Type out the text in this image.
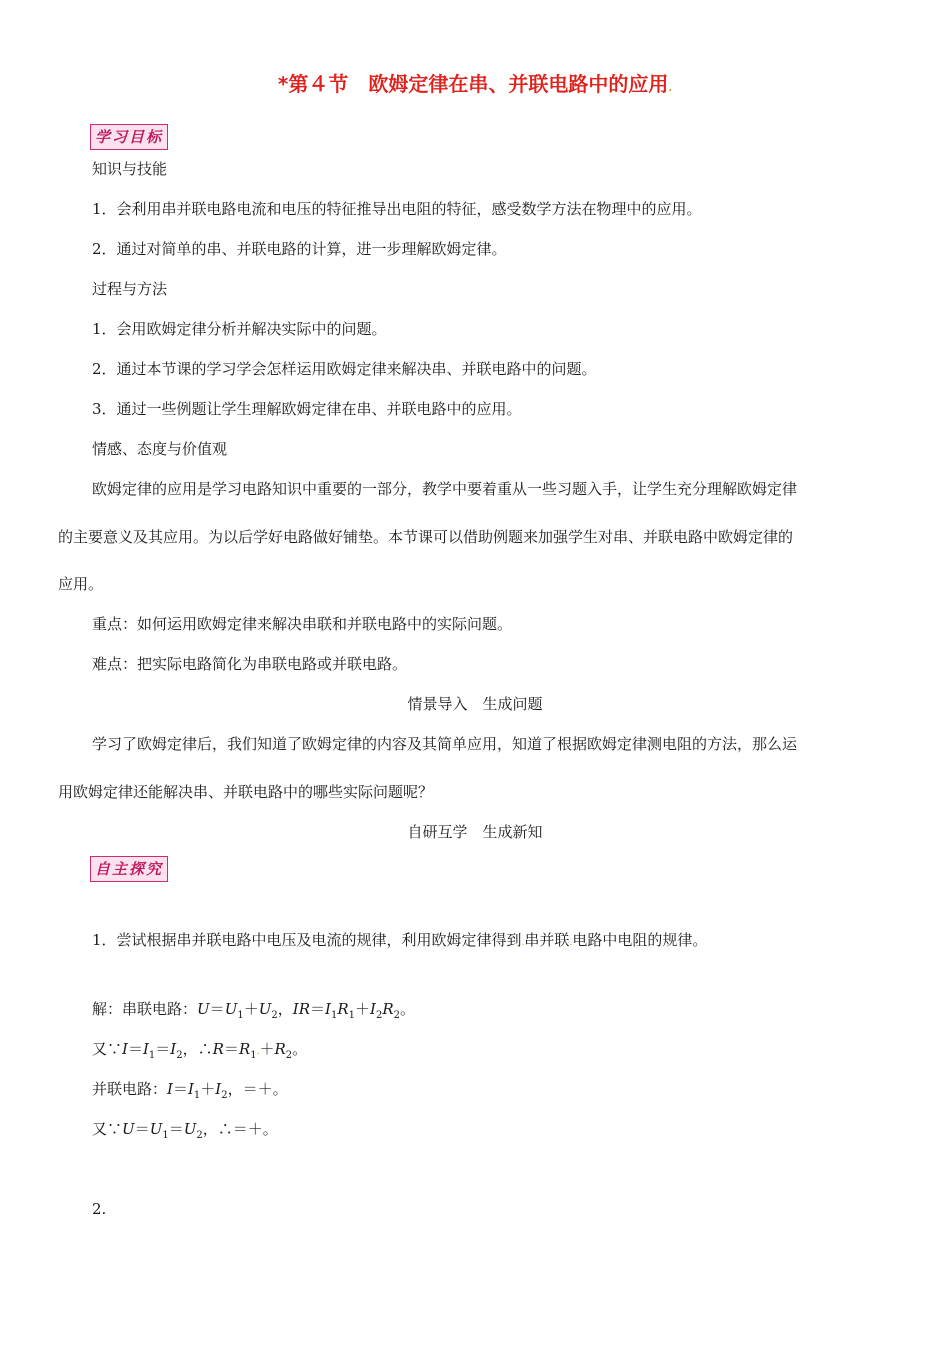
*第４节　欧姆定律在串、并联电路中的应用.
学习目标
知识与技能
1．会利用串并联电路电流和电压的特征推导出电阻的特征，感受数学方法在物理中的应用。
2．通过对简单的串、并联电路的计算，进一步理解欧姆定律。
过程与方法
1．会用欧姆定律分析并解决实际中的问题。
2．通过本节课的学习学会怎样运用欧姆定律来解决串、并联电路中的问题。
3．通过一些例题让学生理解欧姆定律在串、并联电路中的应用。
情感、态度与价值观
欧姆定律的应用是学习电路知识中重要的一部分，教学中要着重从一些习题入手，让学生充分理解欧姆定律
的主要意义及其应用。为以后学好电路做好铺垫。本节课可以借助例题来加强学生对串、并联电路中欧姆定律的
应用。
重点：如何运用欧姆定律来解决串联和并联电路中的实际问题。
难点：把实际电路简化为串联电路或并联电路。
情景导入　生成问题
学习了欧姆定律后，我们知道了欧姆定律的内容及其简单应用，知道了根据欧姆定律测电阻的方法，那么运
用欧姆定律还能解决串、并联电路中的哪些实际问题呢？
自研互学　生成新知
自主探究
1．尝试根据串并联电路中电压及电流的规律，利用欧姆定律得到.串并联.电路中电阻的规律。
解：串联电路：$U=U_1+U_2$，$IR=I_1R_1+I_2R_2$。
又$\because I=I_1=I_2$，$\therefore R=R_1.+R_2$。
并联电路：$I=I_1+I_2$，＝＋。
又$\because U=U_1=U_2$，∴＝＋。
2.
